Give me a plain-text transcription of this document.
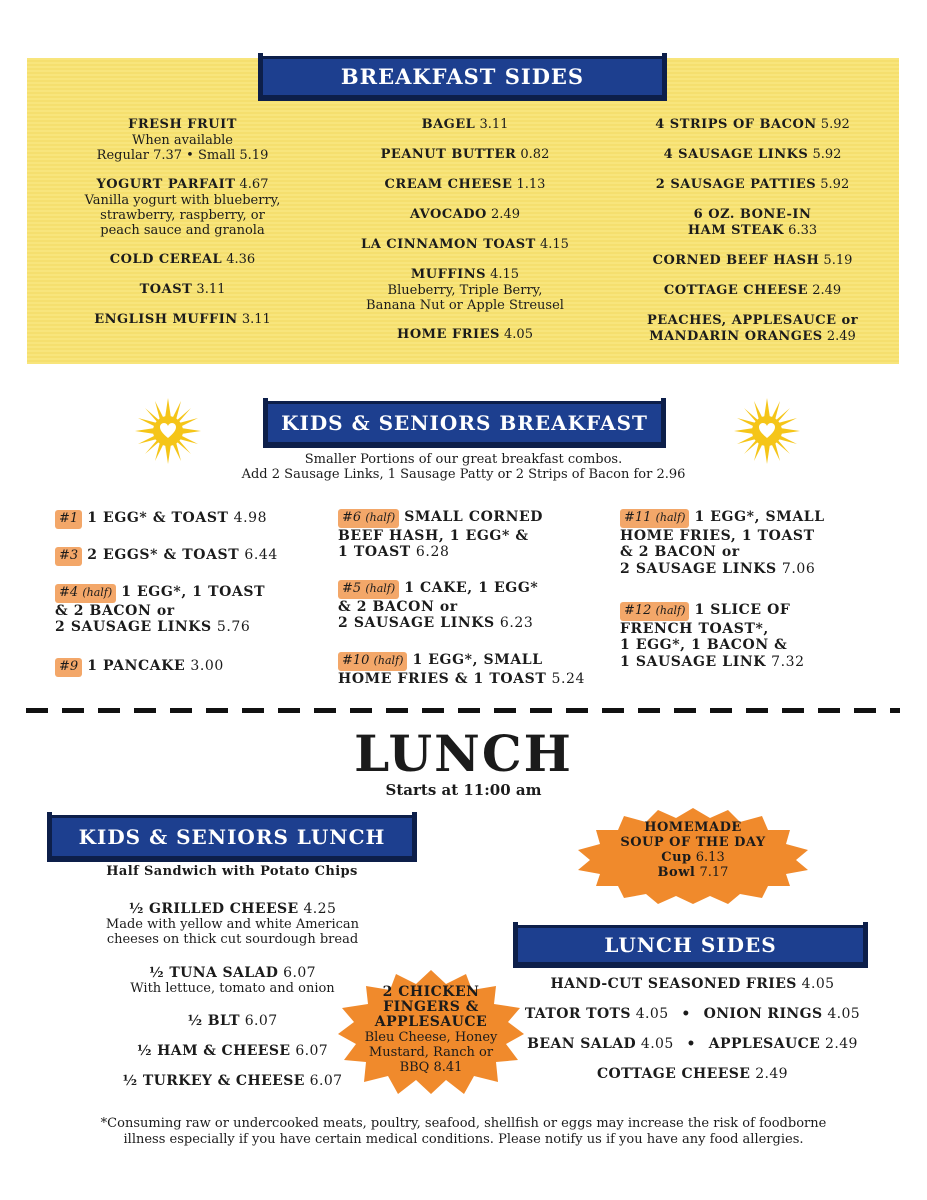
BREAKFAST SIDES
FRESH FRUIT
When available
Regular 7.37 • Small 5.19
YOGURT PARFAIT 4.67
Vanilla yogurt with blueberry,
strawberry, raspberry, or
peach sauce and granola
COLD CEREAL 4.36
TOAST 3.11
ENGLISH MUFFIN 3.11
BAGEL 3.11
PEANUT BUTTER 0.82
CREAM CHEESE 1.13
AVOCADO 2.49
LA CINNAMON TOAST 4.15
MUFFINS 4.15
Blueberry, Triple Berry,
Banana Nut or Apple Streusel
HOME FRIES 4.05
4 STRIPS OF BACON 5.92
4 SAUSAGE LINKS 5.92
2 SAUSAGE PATTIES 5.92
6 OZ. BONE-IN
HAM STEAK 6.33
CORNED BEEF HASH 5.19
COTTAGE CHEESE 2.49
PEACHES, APPLESAUCE or
MANDARIN ORANGES 2.49
KIDS & SENIORS BREAKFAST
Smaller Portions of our great breakfast combos.
Add 2 Sausage Links, 1 Sausage Patty or 2 Strips of Bacon for 2.96
#1 1 EGG* & TOAST 4.98
#3 2 EGGS* & TOAST 6.44
#4 (half) 1 EGG*, 1 TOAST
& 2 BACON or
2 SAUSAGE LINKS 5.76
#9 1 PANCAKE 3.00
#6 (half) SMALL CORNED
BEEF HASH, 1 EGG* &
1 TOAST 6.28
#5 (half) 1 CAKE, 1 EGG*
& 2 BACON or
2 SAUSAGE LINKS 6.23
#10 (half) 1 EGG*, SMALL
HOME FRIES & 1 TOAST 5.24
#11 (half) 1 EGG*, SMALL
HOME FRIES, 1 TOAST
& 2 BACON or
2 SAUSAGE LINKS 7.06
#12 (half) 1 SLICE OF
FRENCH TOAST*,
1 EGG*, 1 BACON &
1 SAUSAGE LINK 7.32
LUNCH
Starts at 11:00 am
KIDS & SENIORS LUNCH
Half Sandwich with Potato Chips
½ GRILLED CHEESE 4.25
Made with yellow and white American
cheeses on thick cut sourdough bread
½ TUNA SALAD 6.07
With lettuce, tomato and onion
½ BLT 6.07
½ HAM & CHEESE 6.07
½ TURKEY & CHEESE 6.07
HOMEMADE
SOUP OF THE DAY
Cup 6.13
Bowl 7.17
2 CHICKEN
FINGERS &
APPLESAUCE
Bleu Cheese, Honey
Mustard, Ranch or
BBQ 8.41
LUNCH SIDES
HAND-CUT SEASONED FRIES 4.05
TATOR TOTS 4.05 • ONION RINGS 4.05
BEAN SALAD 4.05 • APPLESAUCE 2.49
COTTAGE CHEESE 2.49
*Consuming raw or undercooked meats, poultry, seafood, shellfish or eggs may increase the risk of foodborne
illness especially if you have certain medical conditions. Please notify us if you have any food allergies.
